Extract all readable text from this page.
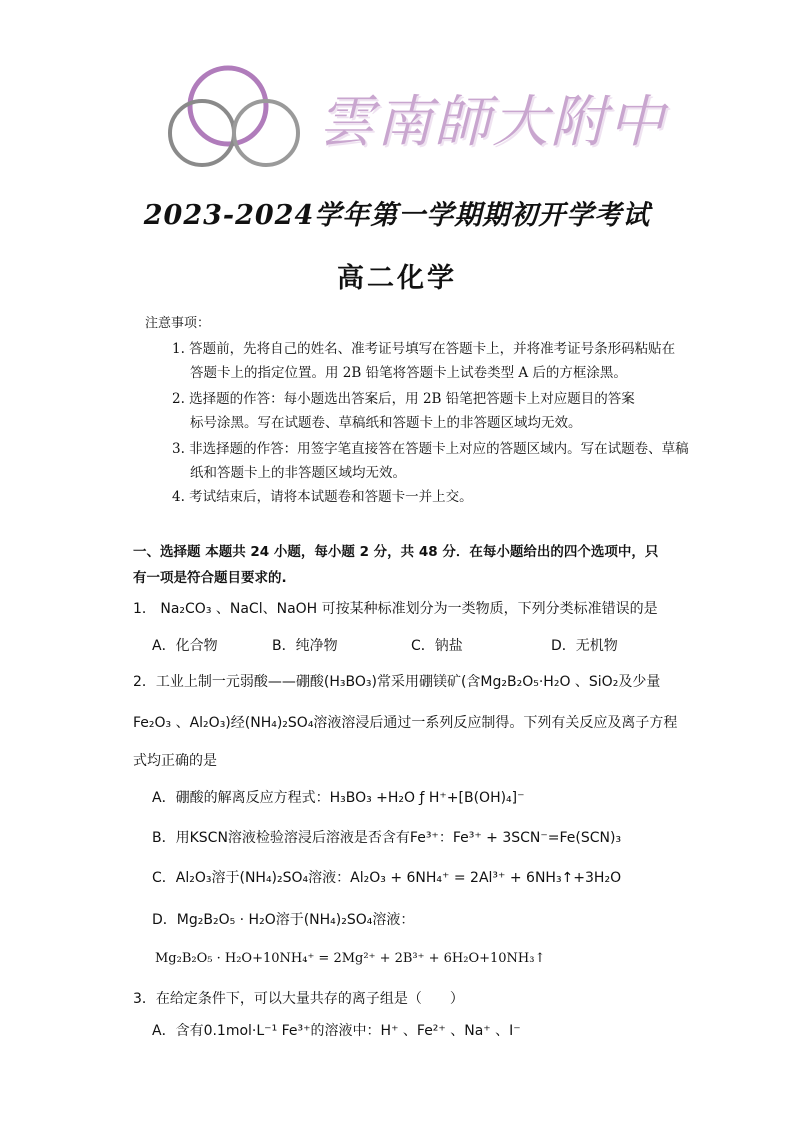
雲南師大附中
2023-2024学年第一学期期初开学考试
高二化学
注意事项：
1. 答题前，先将自己的姓名、准考证号填写在答题卡上，并将准考证号条形码粘贴在
答题卡上的指定位置。用 2B 铅笔将答题卡上试卷类型 A 后的方框涂黑。
2. 选择题的作答：每小题选出答案后，用 2B 铅笔把答题卡上对应题目的答案
标号涂黑。写在试题卷、草稿纸和答题卡上的非答题区域均无效。
3. 非选择题的作答：用签字笔直接答在答题卡上对应的答题区域内。写在试题卷、草稿
纸和答题卡上的非答题区域均无效。
4. 考试结束后，请将本试题卷和答题卡一并上交。
一、选择题 本题共 24 小题，每小题 2 分，共 48 分．在每小题给出的四个选项中，只
有一项是符合题目要求的.
1． Na₂CO₃ 、NaCl、NaOH 可按某种标准划分为一类物质，下列分类标准错误的是
A．化合物	B．纯净物	C．钠盐	D．无机物
2．工业上制一元弱酸——硼酸(H₃BO₃)常采用硼镁矿(含Mg₂B₂O₅·H₂O 、SiO₂及少量
Fe₂O₃ 、Al₂O₃)经(NH₄)₂SO₄溶液溶浸后通过一系列反应制得。下列有关反应及离子方程
式均正确的是
A．硼酸的解离反应方程式：H₃BO₃ +H₂O ƒ H⁺+[B(OH)₄]⁻
B．用KSCN溶液检验溶浸后溶液是否含有Fe³⁺：Fe³⁺ + 3SCN⁻=Fe(SCN)₃
C．Al₂O₃溶于(NH₄)₂SO₄溶液：Al₂O₃ + 6NH₄⁺ = 2Al³⁺ + 6NH₃↑+3H₂O
D．Mg₂B₂O₅ · H₂O溶于(NH₄)₂SO₄溶液：
Mg₂B₂O₅ · H₂O+10NH₄⁺ = 2Mg²⁺ + 2B³⁺ + 6H₂O+10NH₃↑
3．在给定条件下，可以大量共存的离子组是（　　）
A．含有0.1mol·L⁻¹ Fe³⁺的溶液中：H⁺ 、Fe²⁺ 、Na⁺ 、I⁻
